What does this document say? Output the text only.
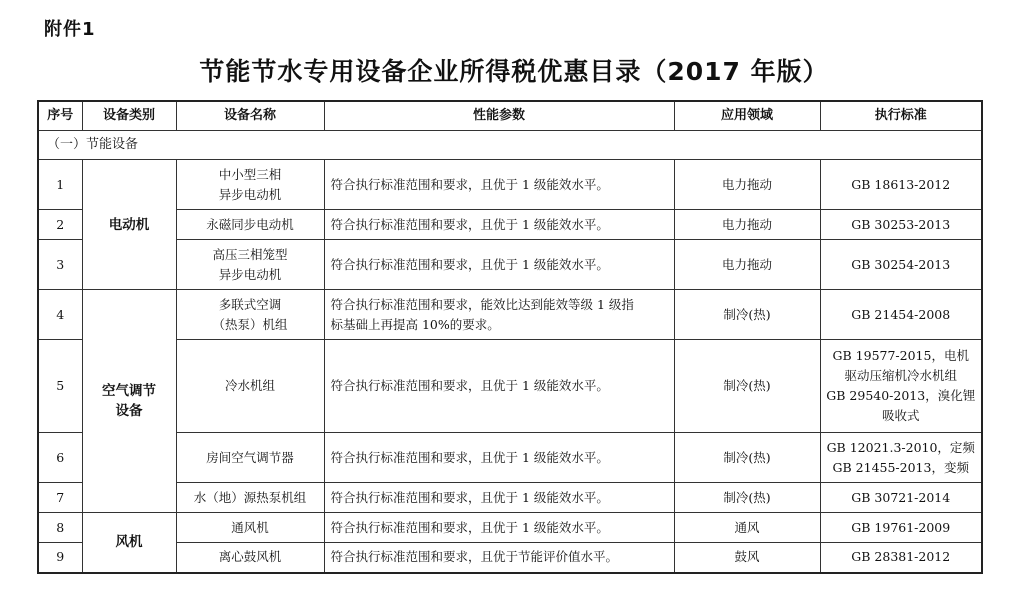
附件1
节能节水专用设备企业所得税优惠目录（2017 年版）
序号	设备类别	设备名称	性能参数	应用领域	执行标准
（一）节能设备					
1	电动机	中小型三相
异步电动机	符合执行标准范围和要求，且优于 1 级能效水平。	电力拖动	GB 18613-2012
2		永磁同步电动机	符合执行标准范围和要求，且优于 1 级能效水平。	电力拖动	GB 30253-2013
3		高压三相笼型
异步电动机	符合执行标准范围和要求，且优于 1 级能效水平。	电力拖动	GB 30254-2013
4	空气调节
设备	多联式空调
（热泵）机组	符合执行标准范围和要求，能效比达到能效等级 1 级指
标基础上再提高 10%的要求。	制冷(热)	GB 21454-2008
5		冷水机组	符合执行标准范围和要求，且优于 1 级能效水平。	制冷(热)	GB 19577-2015，电机
驱动压缩机冷水机组
GB 29540-2013，溴化锂
吸收式

6		房间空气调节器	符合执行标准范围和要求，且优于 1 级能效水平。	制冷(热)	GB 12021.3-2010，定频
GB 21455-2013，变频

7		水（地）源热泵机组	符合执行标准范围和要求，且优于 1 级能效水平。	制冷(热)	GB 30721-2014
8	风机	通风机	符合执行标准范围和要求，且优于 1 级能效水平。	通风	GB 19761-2009
9		离心鼓风机	符合执行标准范围和要求，且优于节能评价值水平。	鼓风	GB 28381-2012
